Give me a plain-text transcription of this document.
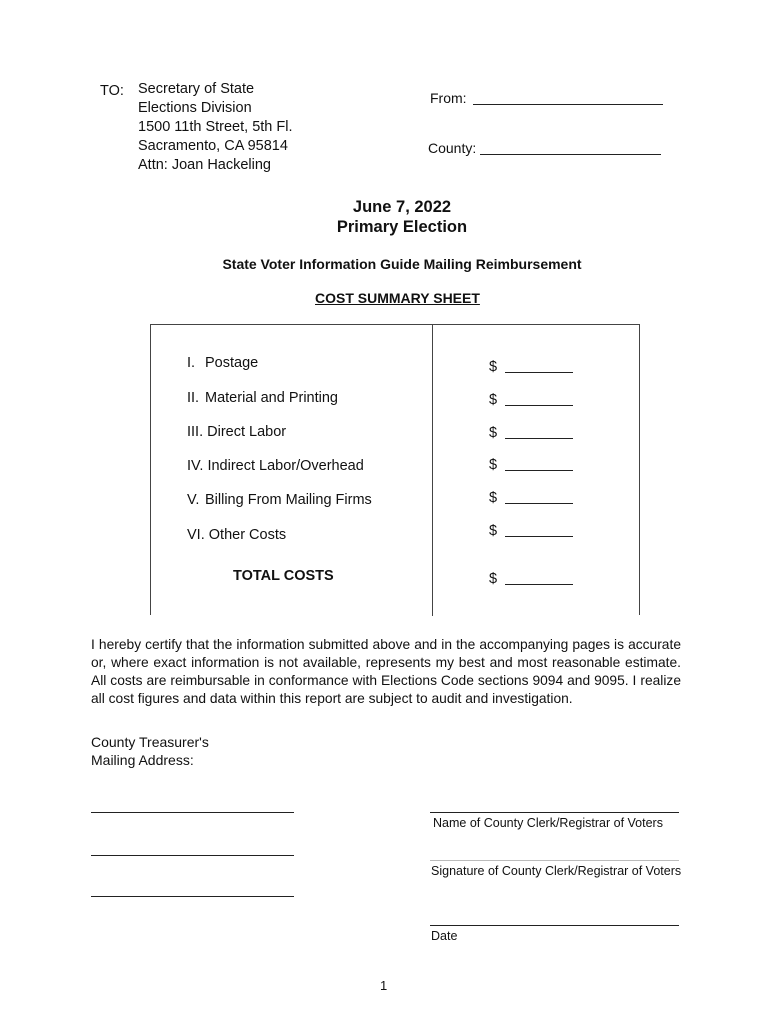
TO: Secretary of State
Elections Division
1500 11th Street, 5th Fl.
Sacramento, CA 95814
Attn: Joan Hackeling
From:
County:
June 7, 2022
Primary Election
State Voter Information Guide Mailing Reimbursement
COST SUMMARY SHEET
I. Postage
II. Material and Printing
III. Direct Labor
IV. Indirect Labor/Overhead
V. Billing From Mailing Firms
VI. Other Costs
TOTAL COSTS
$
$
$
$
$
$
$
I hereby certify that the information submitted above and in the accompanying pages is accurate or, where exact information is not available, represents my best and most reasonable estimate. All costs are reimbursable in conformance with Elections Code sections 9094 and 9095. I realize all cost figures and data within this report are subject to audit and investigation.
County Treasurer's
Mailing Address:
Name of County Clerk/Registrar of Voters
Signature of County Clerk/Registrar of Voters
Date
1
